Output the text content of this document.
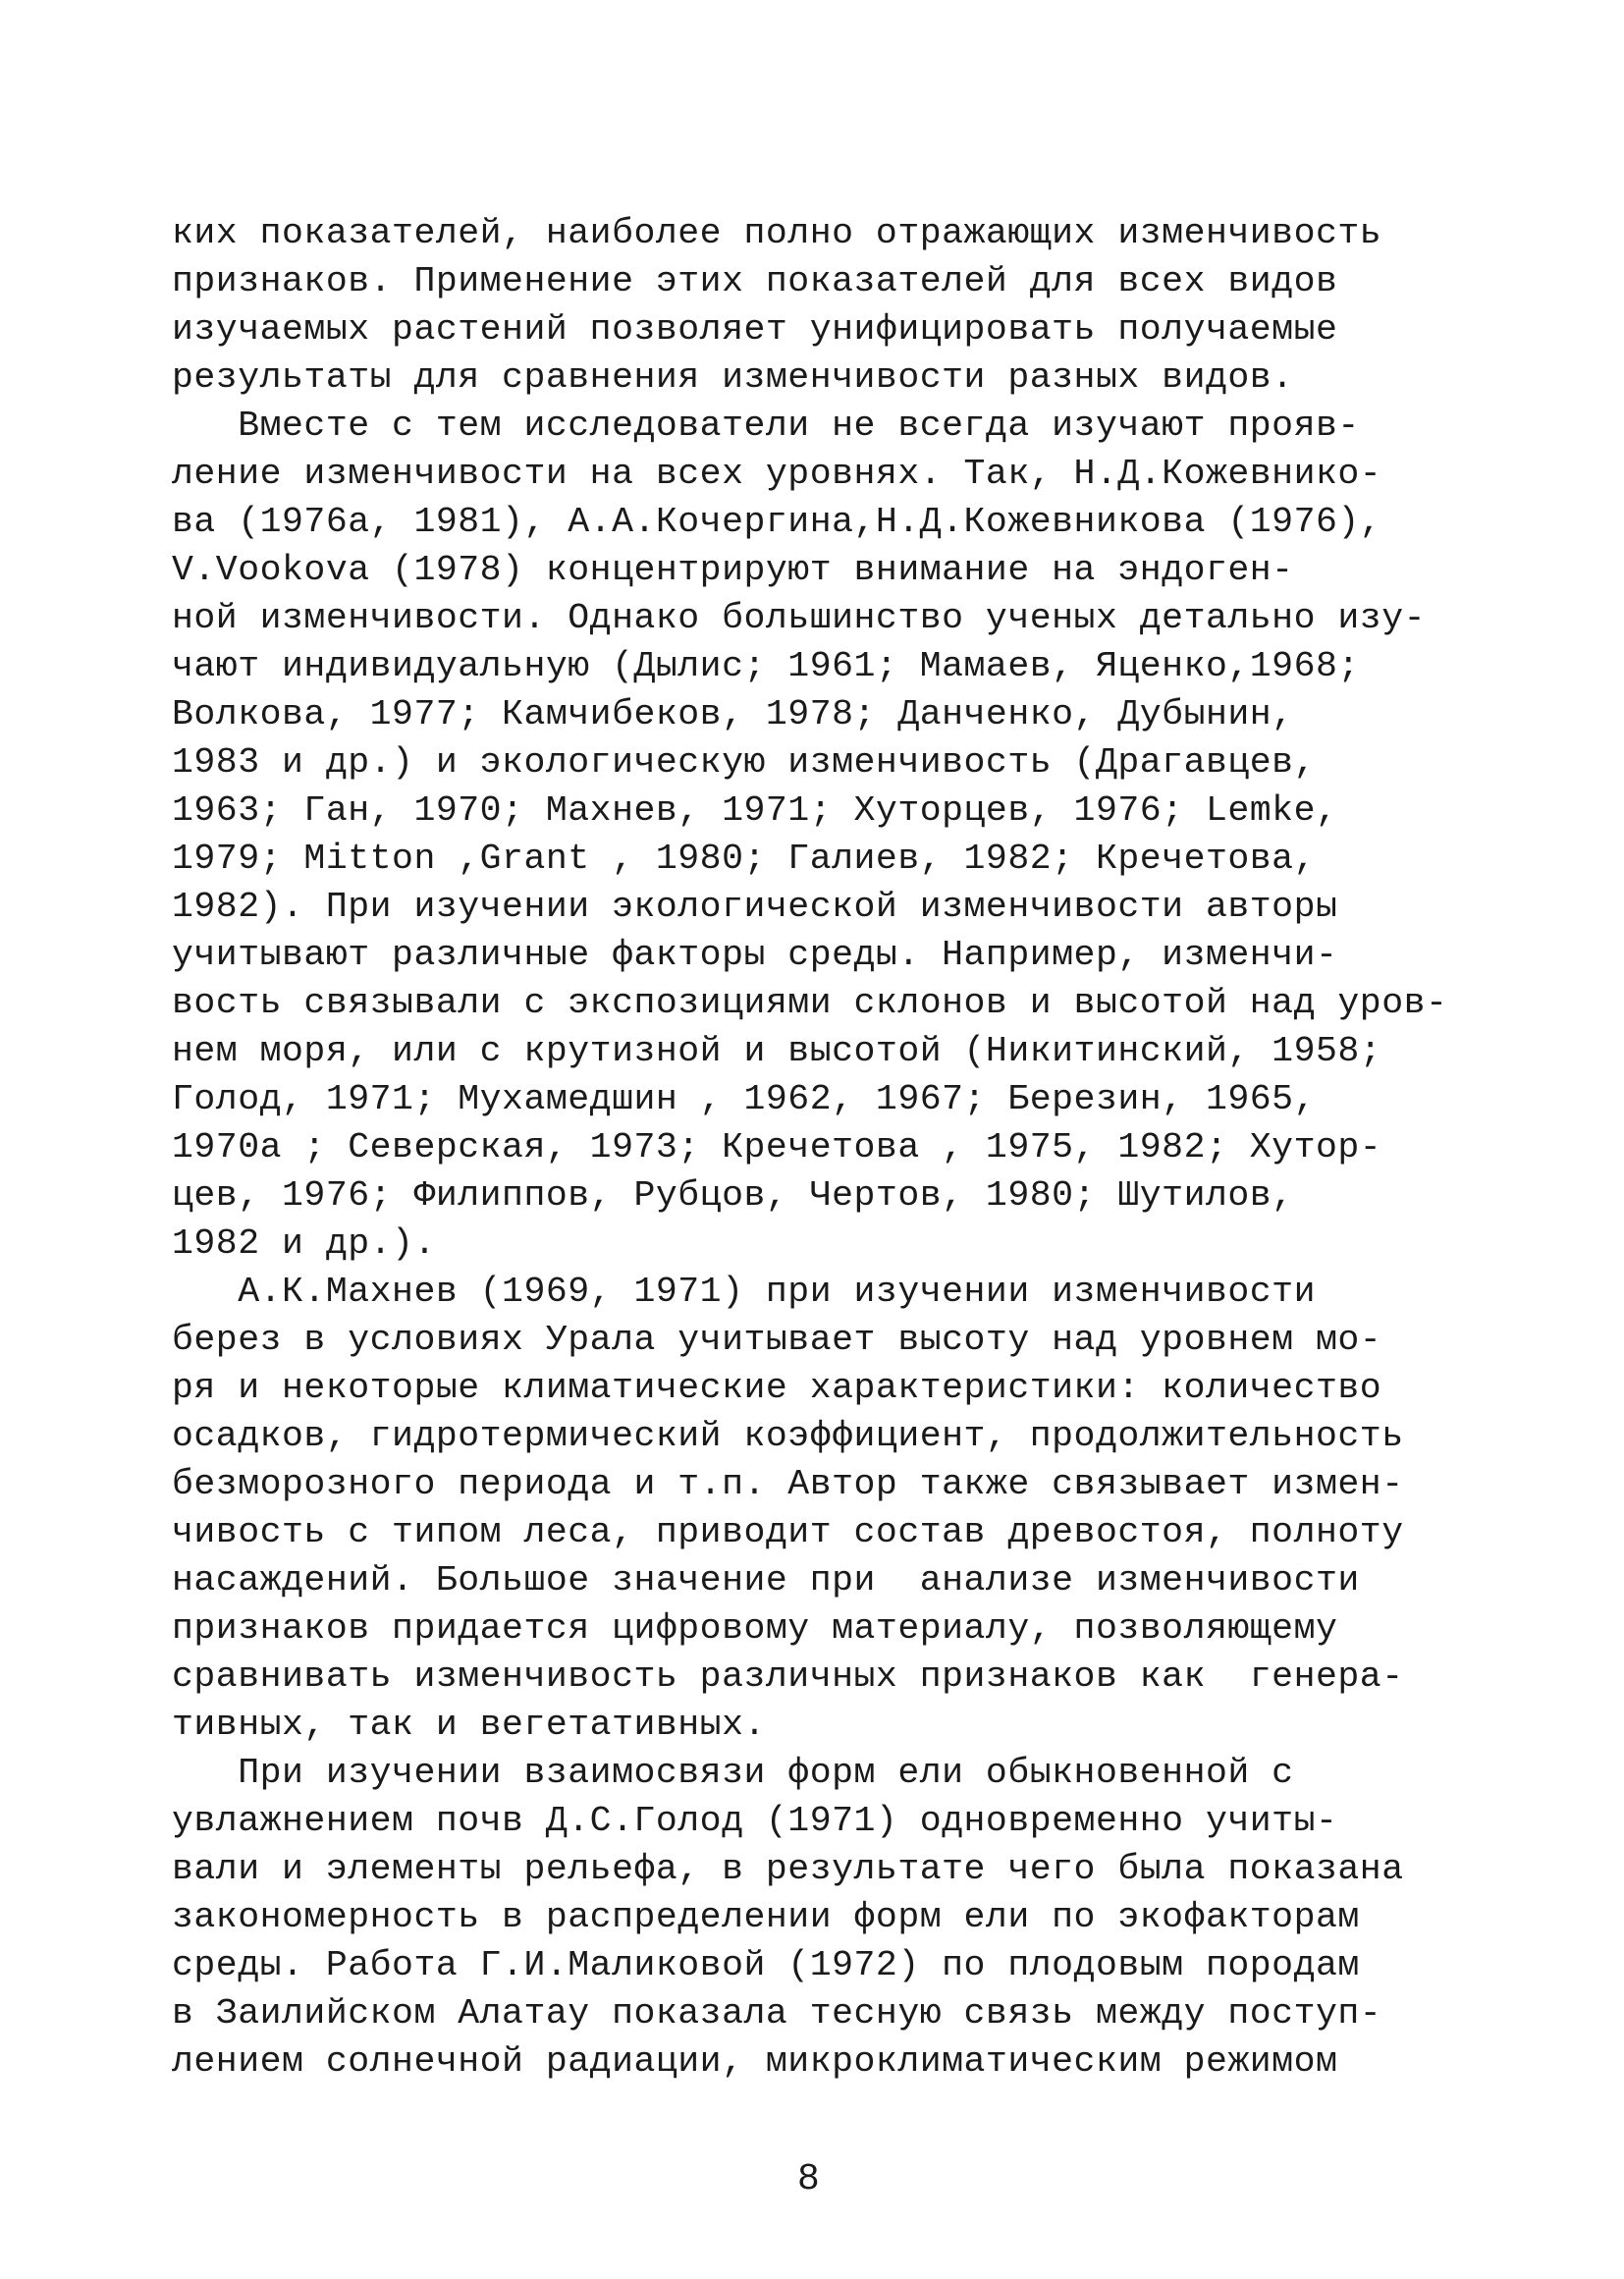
ких показателей, наиболее полно отражающих изменчивость
признаков. Применение этих показателей для всех видов
изучаемых растений позволяет унифицировать получаемые
результаты для сравнения изменчивости разных видов.
Вместе с тем исследователи не всегда изучают прояв-
ление изменчивости на всех уровнях. Так, Н.Д.Кожевнико-
ва (1976а, 1981), А.А.Кочергина,Н.Д.Кожевникова (1976),
V.Vookova (1978) концентрируют внимание на эндоген-
ной изменчивости. Однако большинство ученых детально изу-
чают индивидуальную (Дылис; 1961; Мамаев, Яценко,1968;
Волкова, 1977; Камчибеков, 1978; Данченко, Дубынин,
1983 и др.) и экологическую изменчивость (Драгавцев,
1963; Ган, 1970; Махнев, 1971; Хуторцев, 1976; Lemke,
1979; Mitton ,Grant , 1980; Галиев, 1982; Кречетова,
1982). При изучении экологической изменчивости авторы
учитывают различные факторы среды. Например, изменчи-
вость связывали с экспозициями склонов и высотой над уров-
нем моря, или с крутизной и высотой (Никитинский, 1958;
Голод, 1971; Мухамедшин , 1962, 1967; Березин, 1965,
1970а ; Северская, 1973; Кречетова , 1975, 1982; Хутор-
цев, 1976; Филиппов, Рубцов, Чертов, 1980; Шутилов,
1982 и др.).
А.К.Махнев (1969, 1971) при изучении изменчивости
берез в условиях Урала учитывает высоту над уровнем мо-
ря и некоторые климатические характеристики: количество
осадков, гидротермический коэффициент, продолжительность
безморозного периода и т.п. Автор также связывает измен-
чивость с типом леса, приводит состав древостоя, полноту
насаждений. Большое значение при  анализе изменчивости
признаков придается цифровому материалу, позволяющему
сравнивать изменчивость различных признаков как  генера-
тивных, так и вегетативных.
При изучении взаимосвязи форм ели обыкновенной с
увлажнением почв Д.С.Голод (1971) одновременно учиты-
вали и элементы рельефа, в результате чего была показана
закономерность в распределении форм ели по экофакторам
среды. Работа Г.И.Маликовой (1972) по плодовым породам
в Заилийском Алатау показала тесную связь между поступ-
лением солнечной радиации, микроклиматическим режимом
8
